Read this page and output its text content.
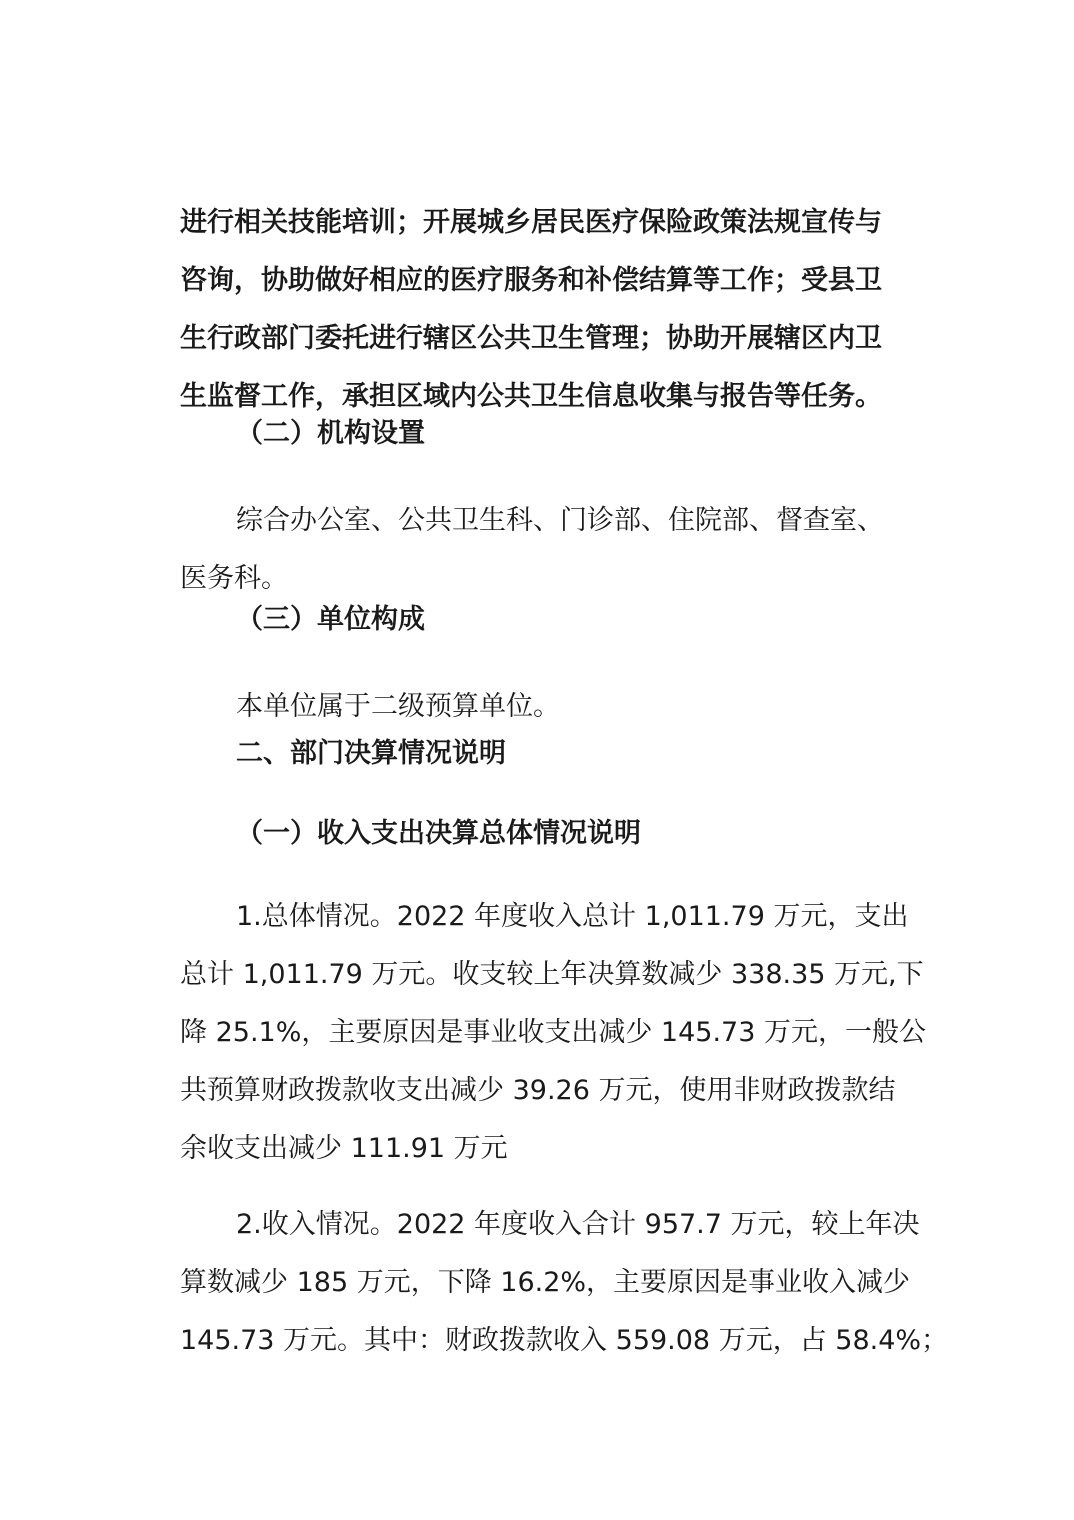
进行相关技能培训；开展城乡居民医疗保险政策法规宣传与
咨询，协助做好相应的医疗服务和补偿结算等工作；受县卫
生行政部门委托进行辖区公共卫生管理；协助开展辖区内卫
生监督工作，承担区域内公共卫生信息收集与报告等任务。
（二）机构设置
综合办公室、公共卫生科、门诊部、住院部、督查室、
医务科。
（三）单位构成
本单位属于二级预算单位。
二、部门决算情况说明
（一）收入支出决算总体情况说明
1.总体情况。2022 年度收入总计 1,011.79 万元，支出
总计 1,011.79 万元。收支较上年决算数减少 338.35 万元,下
降 25.1%，主要原因是事业收支出减少 145.73 万元，一般公
共预算财政拨款收支出减少 39.26 万元，使用非财政拨款结
余收支出减少 111.91 万元
2.收入情况。2022 年度收入合计 957.7 万元，较上年决
算数减少 185 万元，下降 16.2%，主要原因是事业收入减少
145.73 万元。其中：财政拨款收入 559.08 万元，占 58.4%；
